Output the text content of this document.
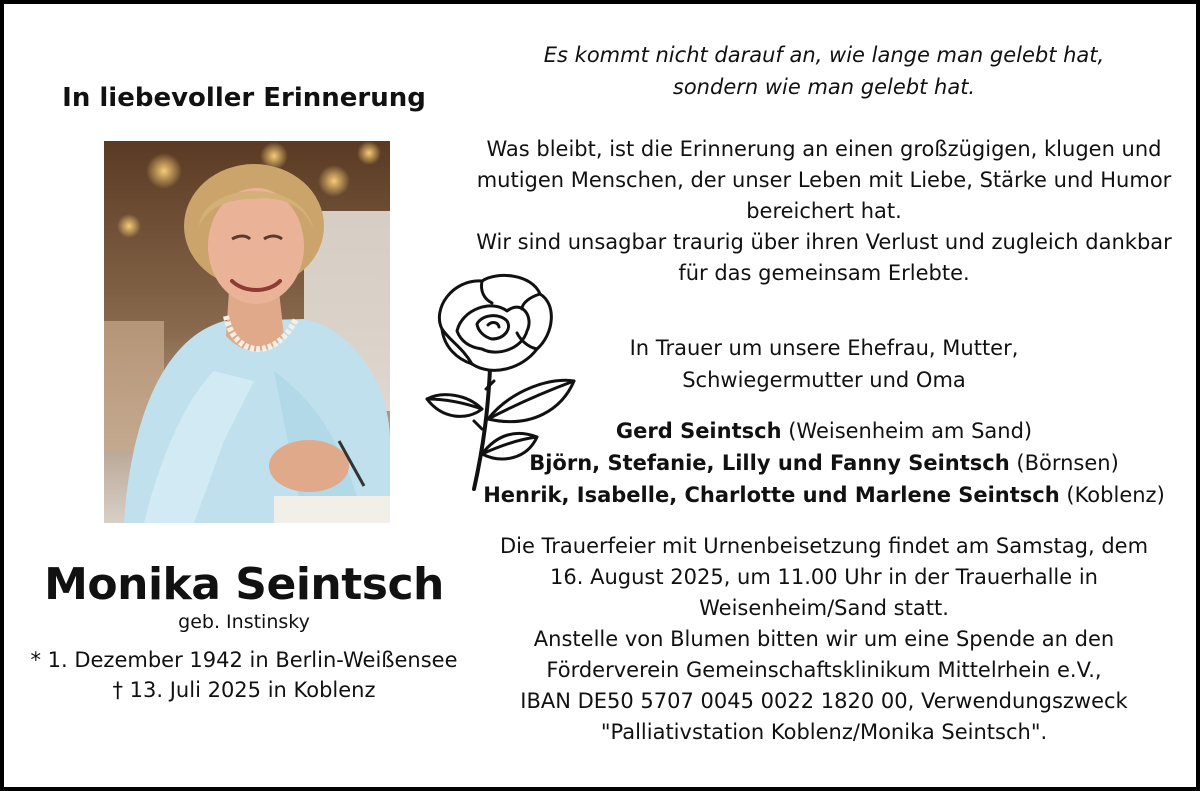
In liebevoller Erinnerung
Monika Seintsch
geb. Instinsky
* 1. Dezember 1942 in Berlin-Weißensee
† 13. Juli 2025 in Koblenz

Es kommt nicht darauf an, wie lange man gelebt hat,

sondern wie man gelebt hat.

Was bleibt, ist die Erinnerung an einen großzügigen, klugen und

mutigen Menschen, der unser Leben mit Liebe, Stärke und Humor

bereichert hat.

Wir sind unsagbar traurig über ihren Verlust und zugleich dankbar

für das gemeinsam Erlebte.

In Trauer um unsere Ehefrau, Mutter,

Schwiegermutter und Oma

Gerd Seintsch (Weisenheim am Sand)

Björn, Stefanie, Lilly und Fanny Seintsch (Börnsen)

Henrik, Isabelle, Charlotte und Marlene Seintsch (Koblenz)

Die Trauerfeier mit Urnenbeisetzung findet am Samstag, dem

16. August 2025, um 11.00 Uhr in der Trauerhalle in

Weisenheim/Sand statt.

Anstelle von Blumen bitten wir um eine Spende an den

Förderverein Gemeinschaftsklinikum Mittelrhein e.V.,

IBAN DE50 5707 0045 0022 1820 00, Verwendungszweck

"Palliativstation Koblenz/Monika Seintsch".
